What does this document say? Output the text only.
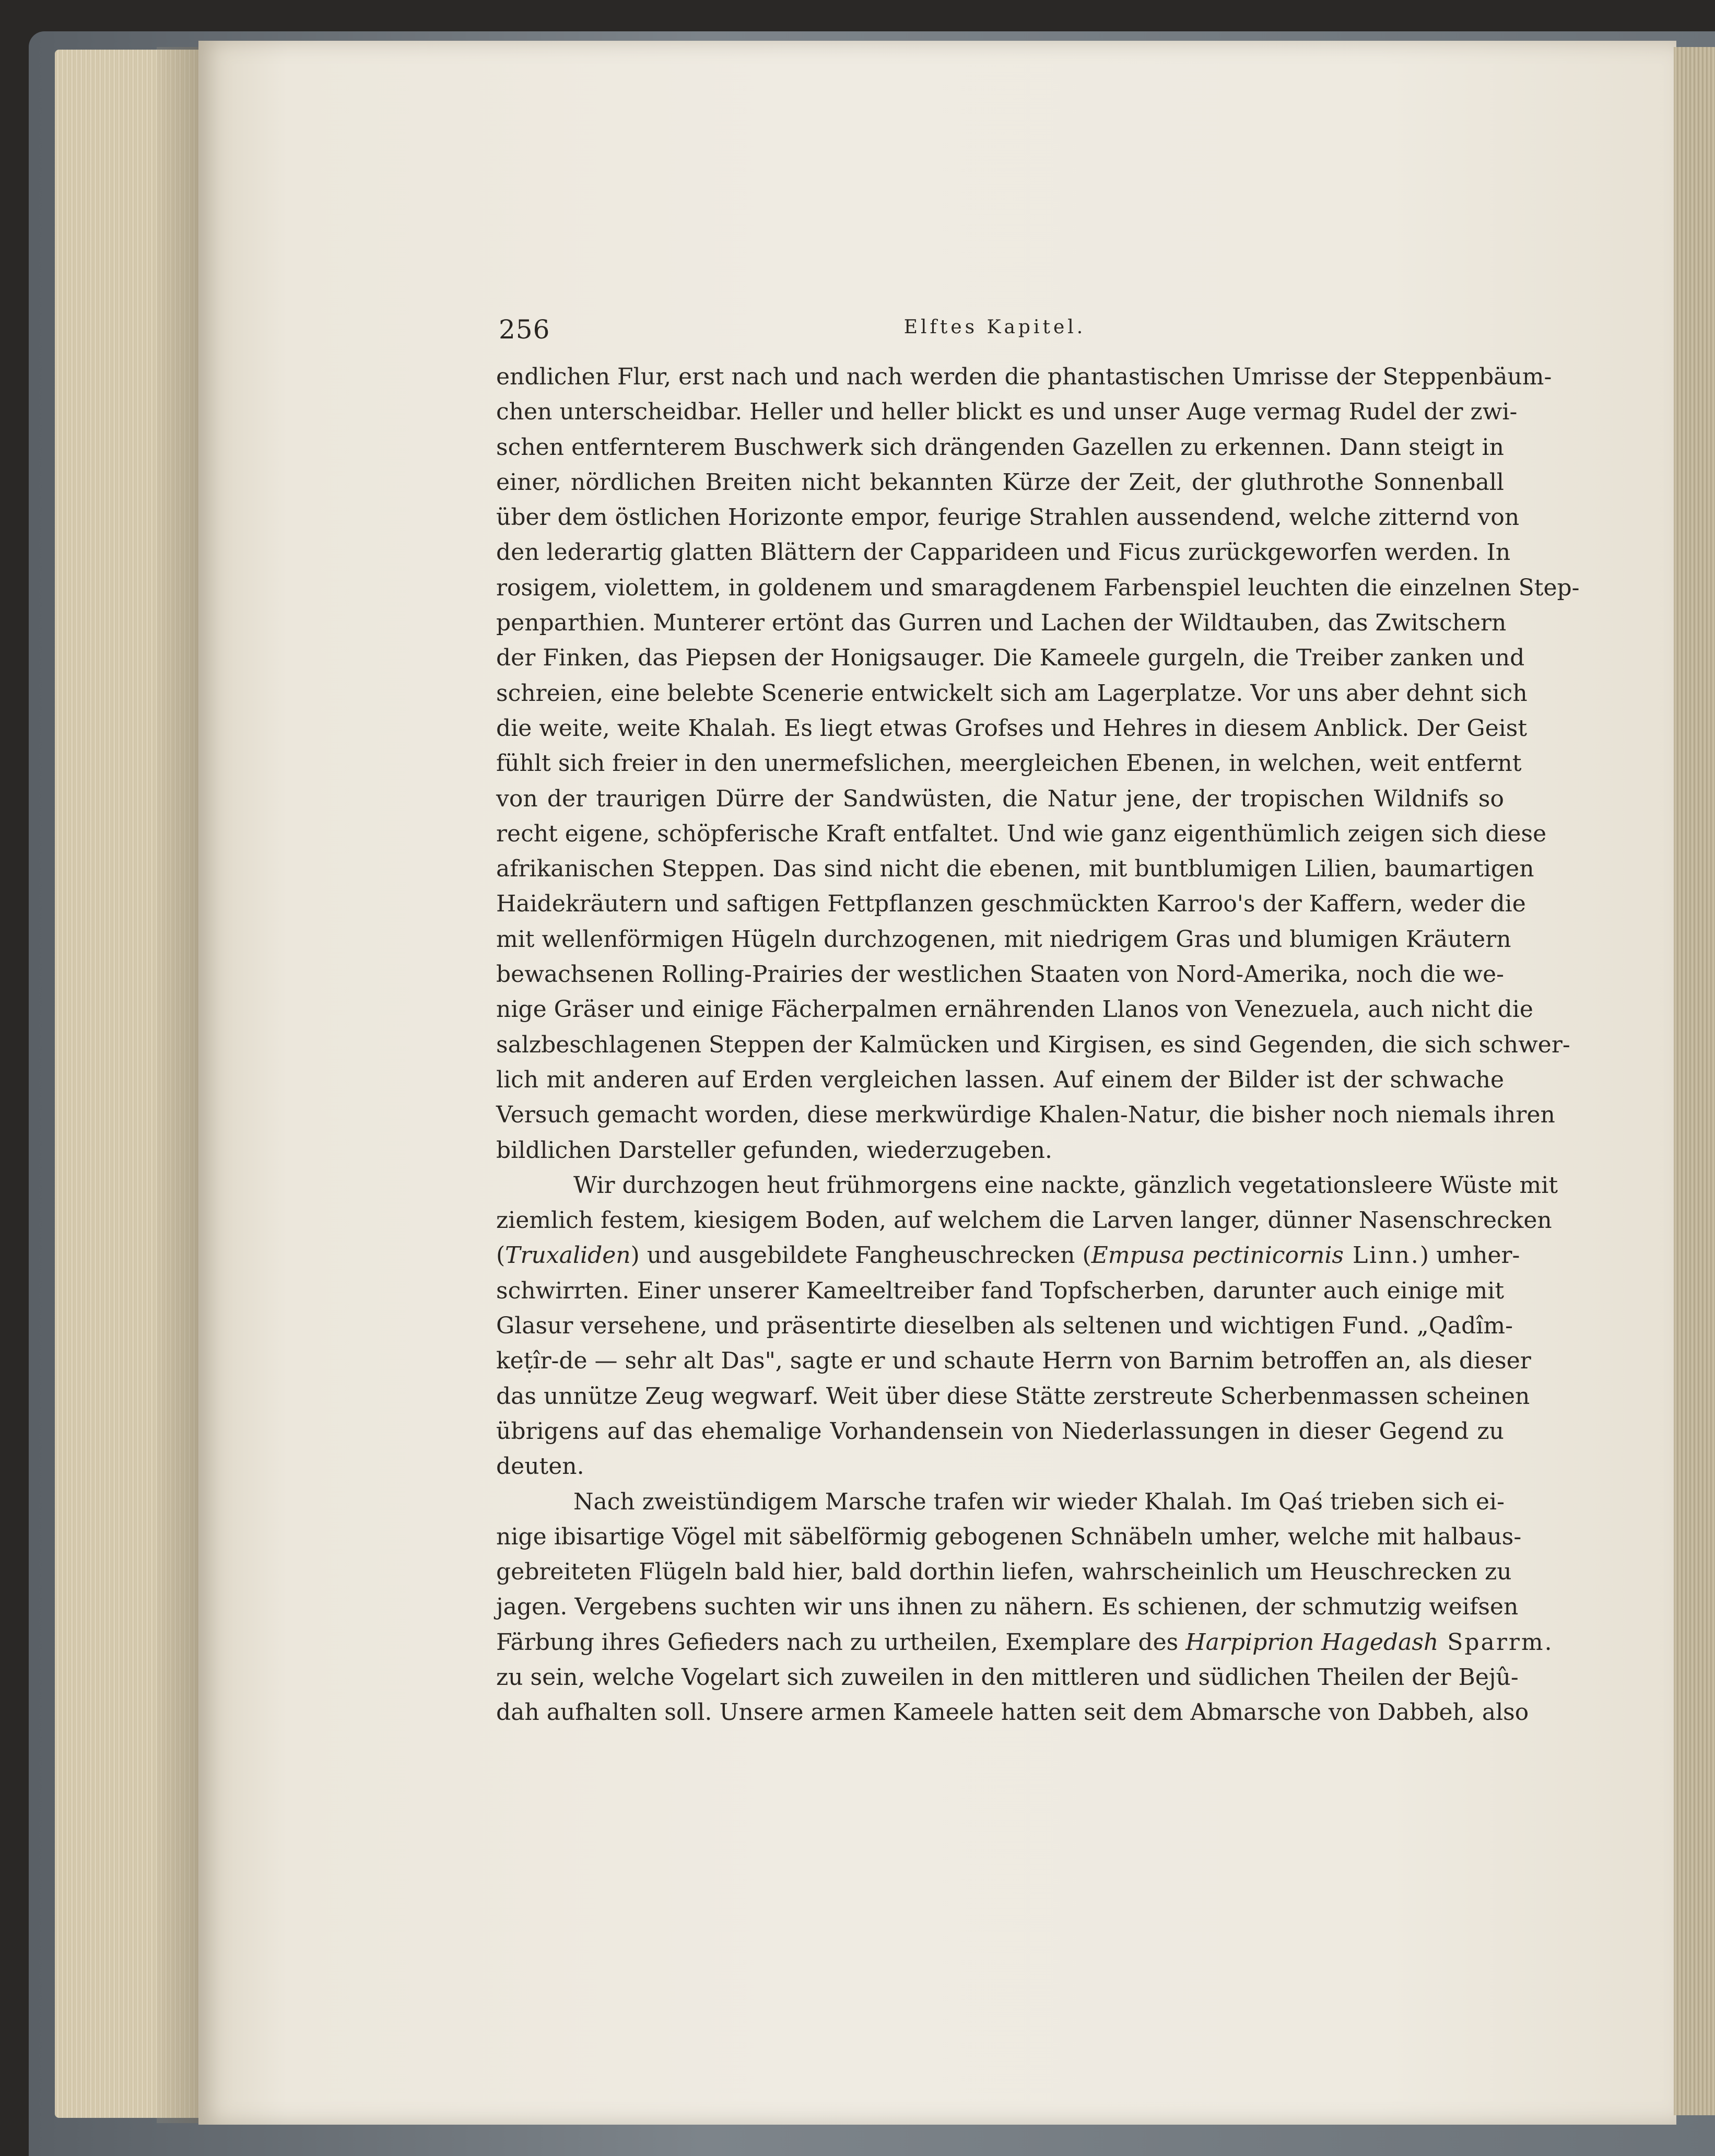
256	Elftes Kapitel.
endlichen Flur, erst nach und nach werden die phantastischen Umrisse der Steppenbäum-
chen unterscheidbar. Heller und heller blickt es und unser Auge vermag Rudel der zwi-
schen entfernterem Buschwerk sich drängenden Gazellen zu erkennen. Dann steigt in
einer, nördlichen Breiten nicht bekannten Kürze der Zeit, der gluthrothe Sonnenball
über dem östlichen Horizonte empor, feurige Strahlen aussendend, welche zitternd von
den lederartig glatten Blättern der Capparideen und Ficus zurückgeworfen werden. In
rosigem, violettem, in goldenem und smaragdenem Farbenspiel leuchten die einzelnen Step-
penparthien. Munterer ertönt das Gurren und Lachen der Wildtauben, das Zwitschern
der Finken, das Piepsen der Honigsauger. Die Kameele gurgeln, die Treiber zanken und
schreien, eine belebte Scenerie entwickelt sich am Lagerplatze. Vor uns aber dehnt sich
die weite, weite Khalah. Es liegt etwas Grofses und Hehres in diesem Anblick. Der Geist
fühlt sich freier in den unermefslichen, meergleichen Ebenen, in welchen, weit entfernt
von der traurigen Dürre der Sandwüsten, die Natur jene, der tropischen Wildnifs so
recht eigene, schöpferische Kraft entfaltet. Und wie ganz eigenthümlich zeigen sich diese
afrikanischen Steppen. Das sind nicht die ebenen, mit buntblumigen Lilien, baumartigen
Haidekräutern und saftigen Fettpflanzen geschmückten Karroo's der Kaffern, weder die
mit wellenförmigen Hügeln durchzogenen, mit niedrigem Gras und blumigen Kräutern
bewachsenen Rolling-Prairies der westlichen Staaten von Nord-Amerika, noch die we-
nige Gräser und einige Fächerpalmen ernährenden Llanos von Venezuela, auch nicht die
salzbeschlagenen Steppen der Kalmücken und Kirgisen, es sind Gegenden, die sich schwer-
lich mit anderen auf Erden vergleichen lassen. Auf einem der Bilder ist der schwache
Versuch gemacht worden, diese merkwürdige Khalen-Natur, die bisher noch niemals ihren
bildlichen Darsteller gefunden, wiederzugeben.
Wir durchzogen heut frühmorgens eine nackte, gänzlich vegetationsleere Wüste mit
ziemlich festem, kiesigem Boden, auf welchem die Larven langer, dünner Nasenschrecken
(Truxaliden) und ausgebildete Fangheuschrecken (Empusa pectinicornis Linn.) umher-
schwirrten. Einer unserer Kameeltreiber fand Topfscherben, darunter auch einige mit
Glasur versehene, und präsentirte dieselben als seltenen und wichtigen Fund. „Qadîm-
keṭîr-de — sehr alt Das", sagte er und schaute Herrn von Barnim betroffen an, als dieser
das unnütze Zeug wegwarf. Weit über diese Stätte zerstreute Scherbenmassen scheinen
übrigens auf das ehemalige Vorhandensein von Niederlassungen in dieser Gegend zu
deuten.
Nach zweistündigem Marsche trafen wir wieder Khalah. Im Qaś trieben sich ei-
nige ibisartige Vögel mit säbelförmig gebogenen Schnäbeln umher, welche mit halbaus-
gebreiteten Flügeln bald hier, bald dorthin liefen, wahrscheinlich um Heuschrecken zu
jagen. Vergebens suchten wir uns ihnen zu nähern. Es schienen, der schmutzig weifsen
Färbung ihres Gefieders nach zu urtheilen, Exemplare des Harpiprion Hagedash Sparrm.
zu sein, welche Vogelart sich zuweilen in den mittleren und südlichen Theilen der Bejû-
dah aufhalten soll. Unsere armen Kameele hatten seit dem Abmarsche von Dabbeh, also
